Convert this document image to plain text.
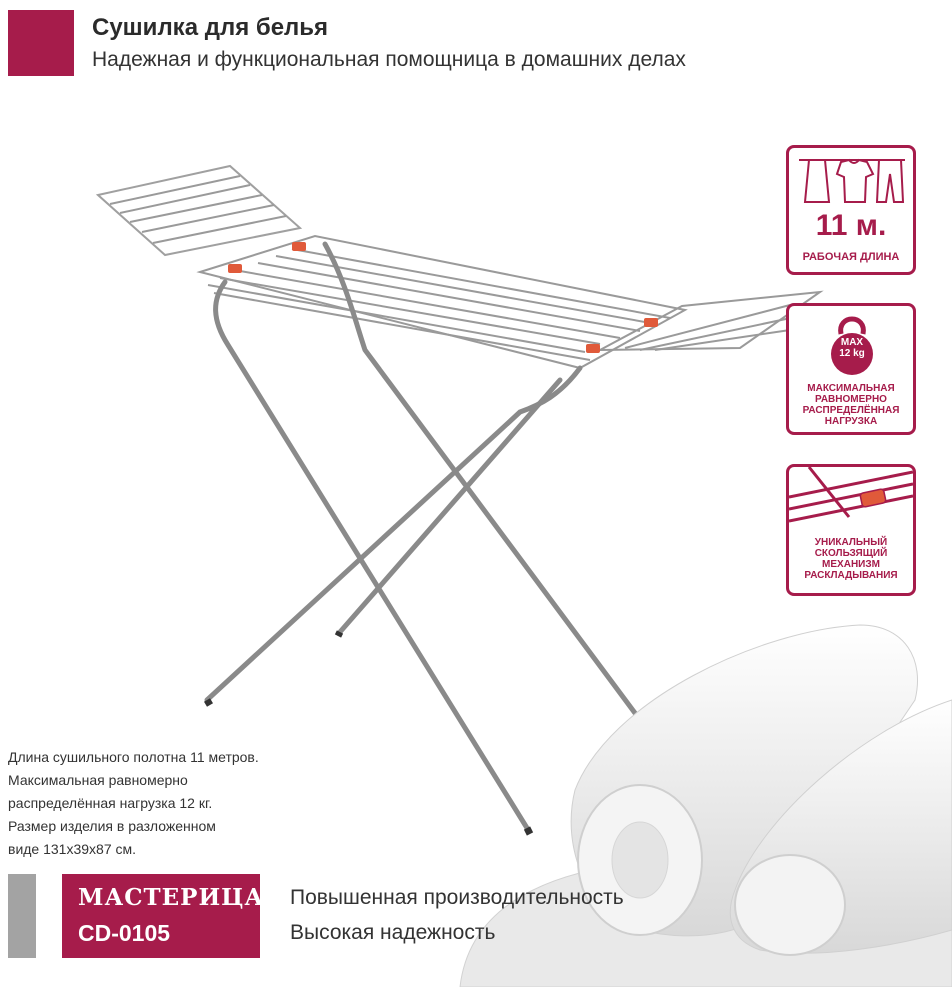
Сушилка для белья
Надежная и функциональная помощница в домашних делах
11 м.
РАБОЧАЯ ДЛИНА
MAX
12 kg
МАКСИМАЛЬНАЯ
РАВНОМЕРНО
РАСПРЕДЕЛЁННАЯ
НАГРУЗКА
УНИКАЛЬНЫЙ
СКОЛЬЗЯЩИЙ
МЕХАНИЗМ
РАСКЛАДЫВАНИЯ
Длина сушильного полотна 11 метров.
Максимальная равномерно
распределённая нагрузка 12 кг.
Размер изделия в разложенном
виде 131х39х87 см.
МАСТЕРИЦА
CD-0105
Повышенная производительность
Высокая надежность
